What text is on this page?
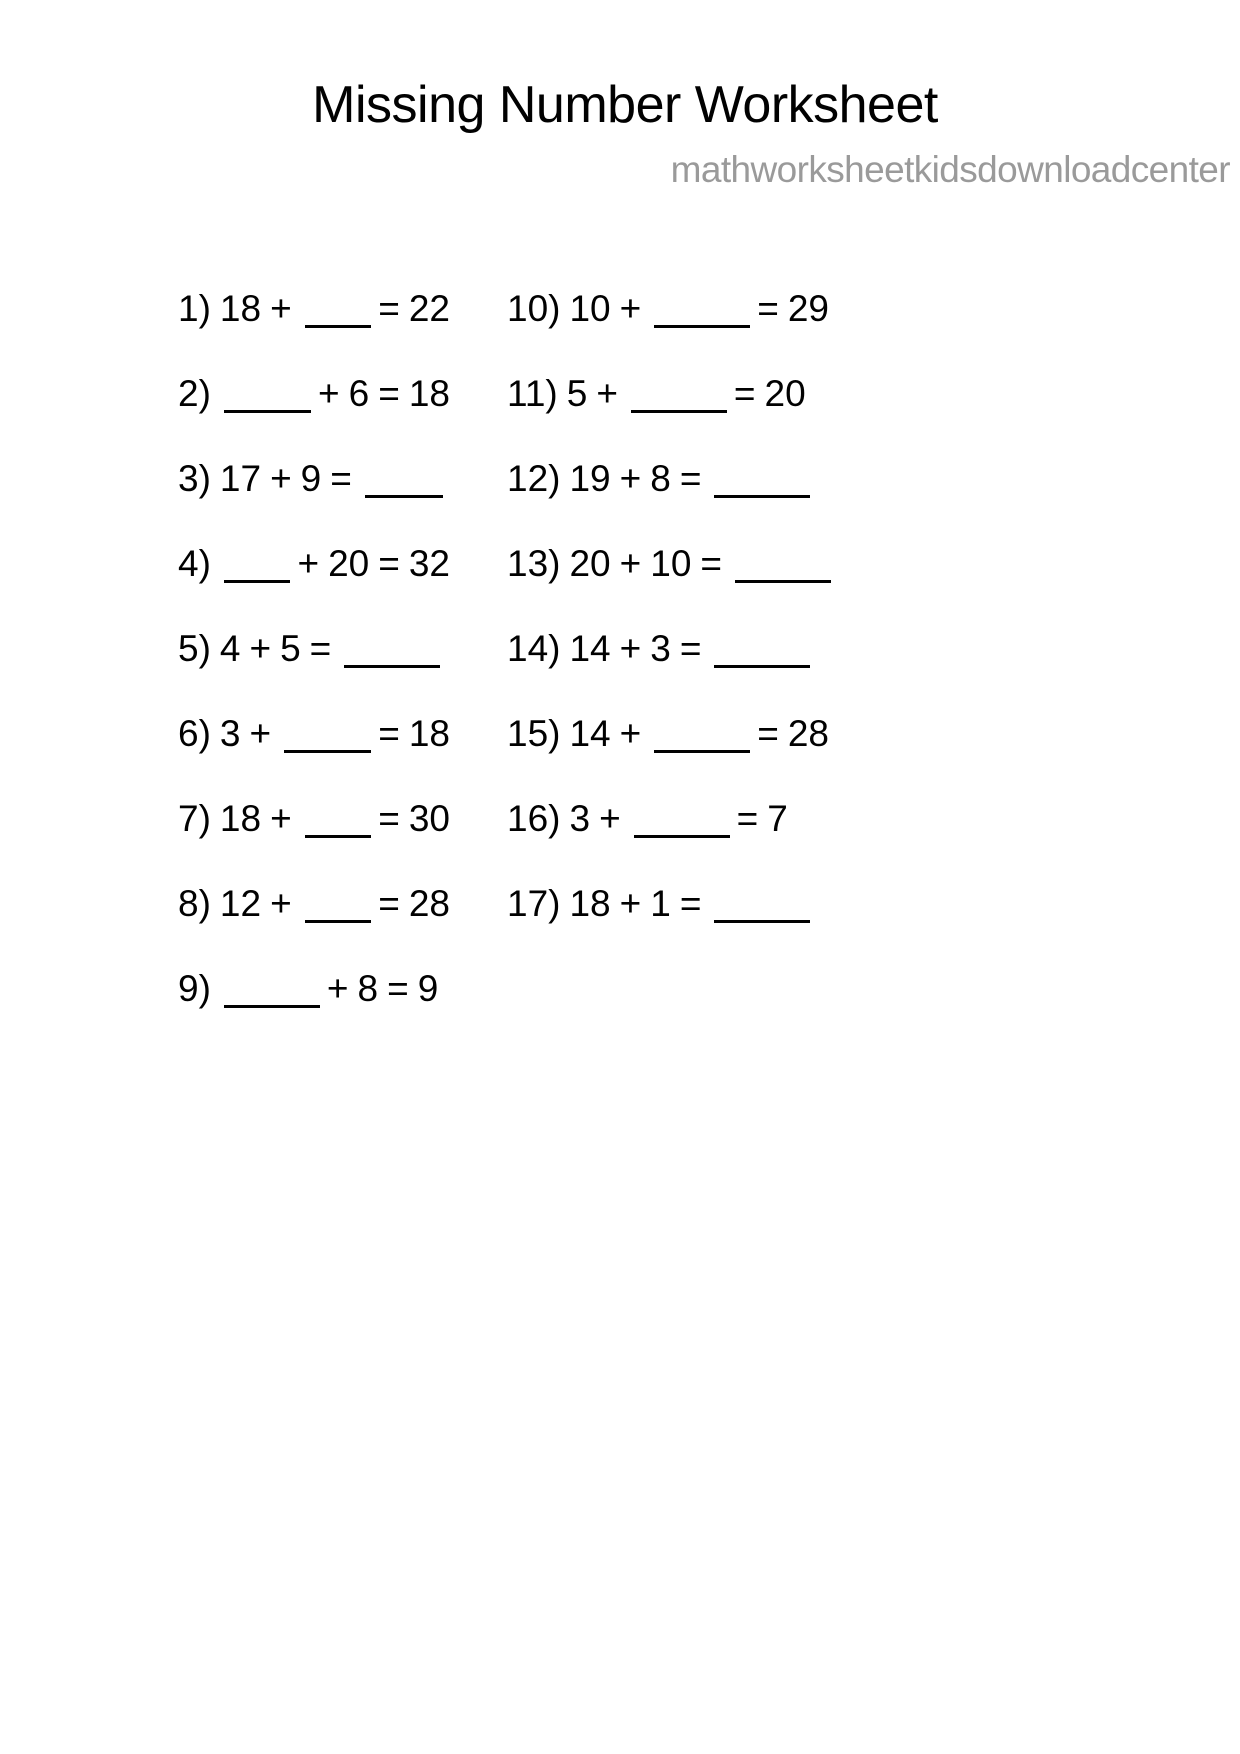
Missing Number Worksheet
mathworksheetkidsdownloadcenter
1) 18 + = 22
2)	+ 6 = 18
3) 17 + 9 =
4) + 20 = 32
5) 4 + 5 =
6) 3 +	= 18
7) 18 + = 30
8) 12 + = 28
9)	+ 8 = 9
10) 10 +	= 29
11) 5 +	= 20
12) 19 + 8 =
13) 20 + 10 =
14) 14 + 3 =
15) 14 +	= 28
16) 3 +	= 7
17) 18 + 1 =
